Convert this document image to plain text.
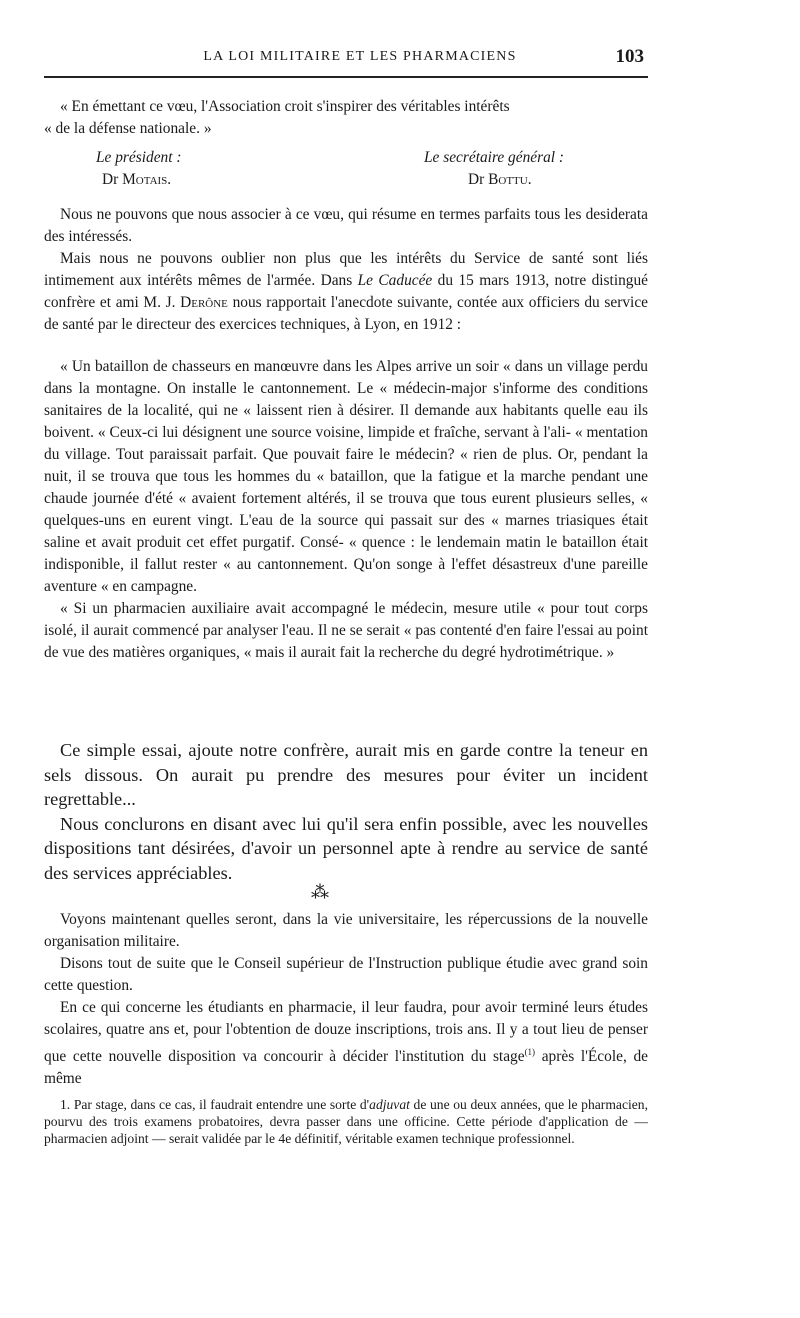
LA LOI MILITAIRE ET LES PHARMACIENS	103

« En émettant ce vœu, l'Association croit s'inspirer des véritables intérêts

« de la défense nationale. »

Le président :
Dr Motais.
Le secrétaire général :
Dr Bottu.

Nous ne pouvons que nous associer à ce vœu, qui résume en termes parfaits tous les desiderata des intéressés.

Mais nous ne pouvons oublier non plus que les intérêts du Service de santé sont liés intimement aux intérêts mêmes de l'armée. Dans Le Caducée du 15 mars 1913, notre distingué confrère et ami M. J. Derône nous rapportait l'anecdote suivante, contée aux officiers du service de santé par le directeur des exercices techniques, à Lyon, en 1912 :

« Un bataillon de chasseurs en manœuvre dans les Alpes arrive un soir « dans un village perdu dans la montagne. On installe le cantonnement. Le « médecin-major s'informe des conditions sanitaires de la localité, qui ne « laissent rien à désirer. Il demande aux habitants quelle eau ils boivent. « Ceux-ci lui désignent une source voisine, limpide et fraîche, servant à l'ali- « mentation du village. Tout paraissait parfait. Que pouvait faire le médecin? « rien de plus. Or, pendant la nuit, il se trouva que tous les hommes du « bataillon, que la fatigue et la marche pendant une chaude journée d'été « avaient fortement altérés, il se trouva que tous eurent plusieurs selles, « quelques-uns en eurent vingt. L'eau de la source qui passait sur des « marnes triasiques était saline et avait produit cet effet purgatif. Consé- « quence : le lendemain matin le bataillon était indisponible, il fallut rester « au cantonnement. Qu'on songe à l'effet désastreux d'une pareille aventure « en campagne.

« Si un pharmacien auxiliaire avait accompagné le médecin, mesure utile « pour tout corps isolé, il aurait commencé par analyser l'eau. Il ne se serait « pas contenté d'en faire l'essai au point de vue des matières organiques, « mais il aurait fait la recherche du degré hydrotimétrique. »

Ce simple essai, ajoute notre confrère, aurait mis en garde contre la teneur en sels dissous. On aurait pu prendre des mesures pour éviter un incident regrettable...

Nous conclurons en disant avec lui qu'il sera enfin possible, avec les nouvelles dispositions tant désirées, d'avoir un personnel apte à rendre au service de santé des services appréciables.

⁂

Voyons maintenant quelles seront, dans la vie universitaire, les répercussions de la nouvelle organisation militaire.

Disons tout de suite que le Conseil supérieur de l'Instruction publique étudie avec grand soin cette question.

En ce qui concerne les étudiants en pharmacie, il leur faudra, pour avoir terminé leurs études scolaires, quatre ans et, pour l'obtention de douze inscriptions, trois ans. Il y a tout lieu de penser que cette nouvelle disposition va concourir à décider l'institution du stage$^{(1)}$ après l'École, de même

1. Par stage, dans ce cas, il faudrait entendre une sorte d'adjuvat de une ou deux années, que le pharmacien, pourvu des trois examens probatoires, devra passer dans une officine. Cette période d'application de — pharmacien adjoint — serait validée par le 4e définitif, véritable examen technique professionnel.
